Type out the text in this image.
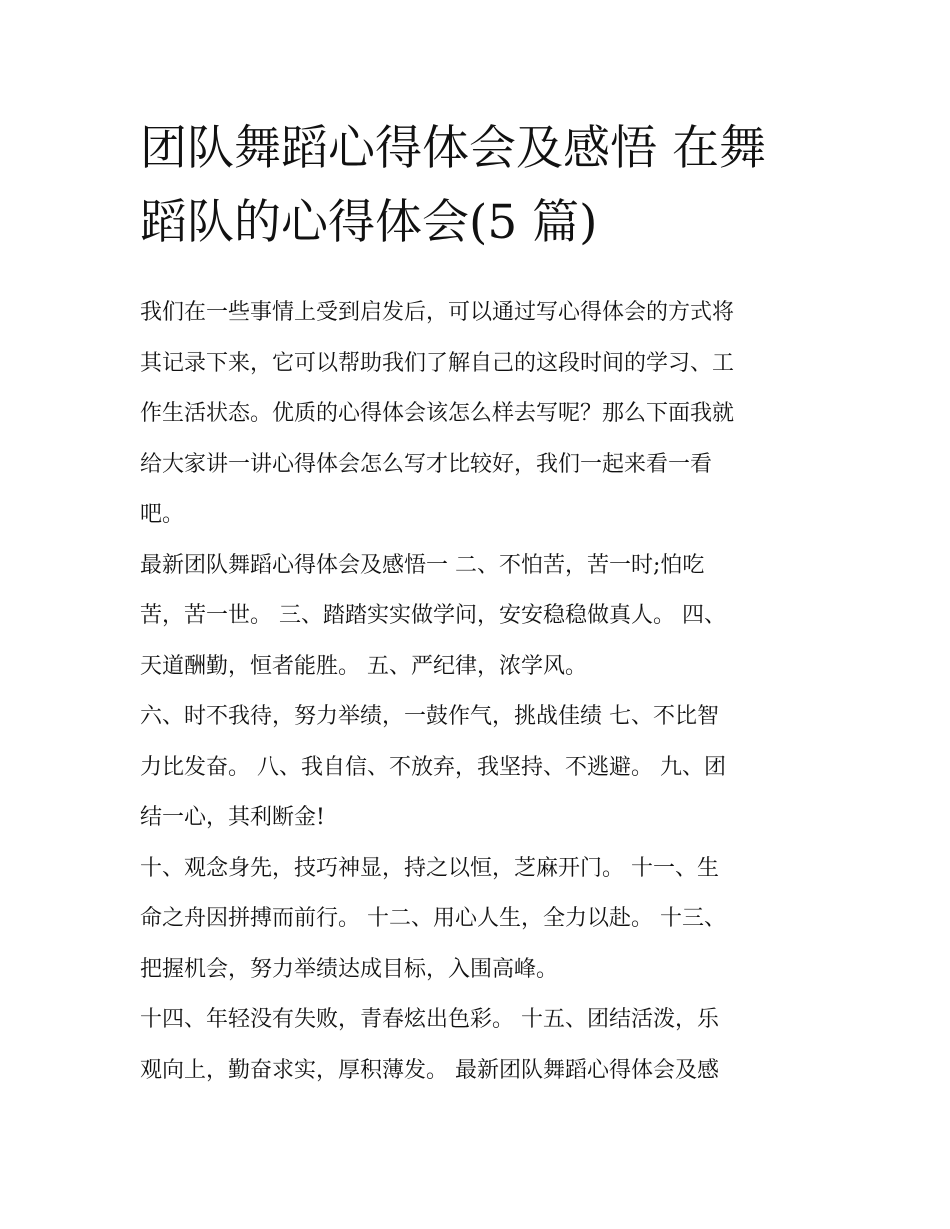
团队舞蹈心得体会及感悟 在舞
蹈队的心得体会(5 篇)

我们在一些事情上受到启发后，可以通过写心得体会的方式将
其记录下来，它可以帮助我们了解自己的这段时间的学习、工
作生活状态。优质的心得体会该怎么样去写呢？那么下面我就
给大家讲一讲心得体会怎么写才比较好，我们一起来看一看
吧。

最新团队舞蹈心得体会及感悟一 二、不怕苦，苦一时;怕吃
苦，苦一世。 三、踏踏实实做学问，安安稳稳做真人。 四、
天道酬勤，恒者能胜。 五、严纪律，浓学风。

六、时不我待，努力举绩，一鼓作气，挑战佳绩 七、不比智
力比发奋。 八、我自信、不放弃，我坚持、不逃避。 九、团
结一心，其利断金!

十、观念身先，技巧神显，持之以恒，芝麻开门。 十一、生
命之舟因拼搏而前行。 十二、用心人生，全力以赴。 十三、
把握机会，努力举绩达成目标，入围高峰。

十四、年轻没有失败，青春炫出色彩。 十五、团结活泼，乐
观向上，勤奋求实，厚积薄发。 最新团队舞蹈心得体会及感
